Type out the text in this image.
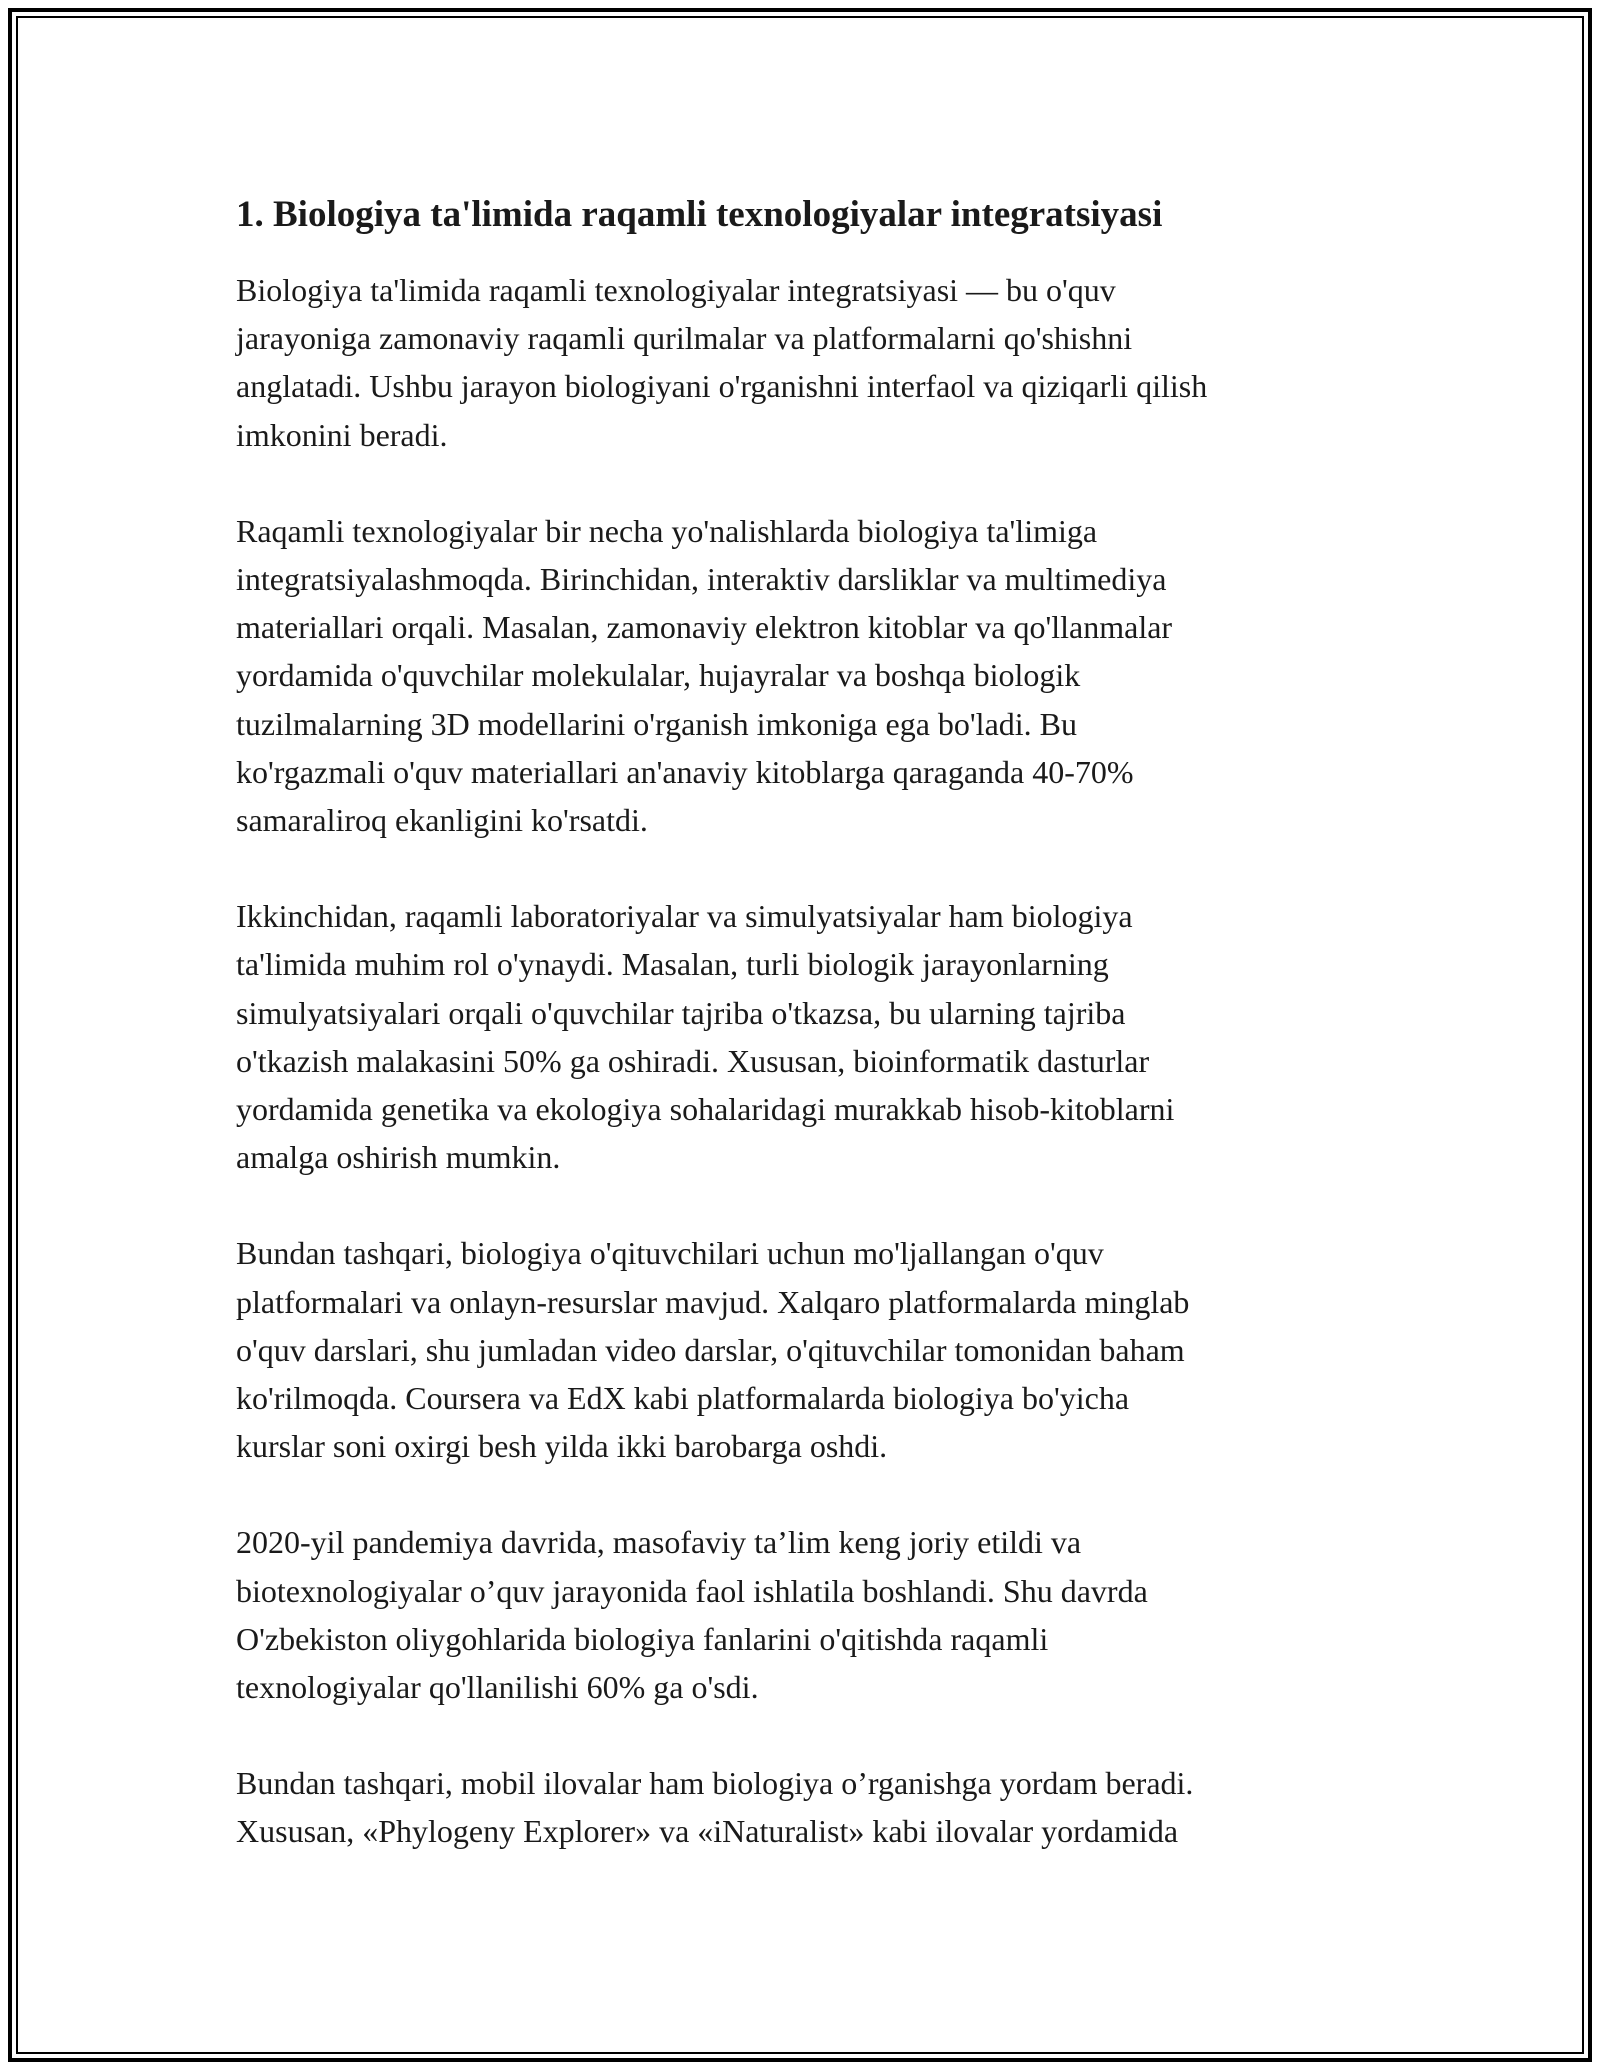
1. Biologiya ta'limida raqamli texnologiyalar integratsiyasi

Biologiya ta'limida raqamli texnologiyalar integratsiyasi — bu o'quv
jarayoniga zamonaviy raqamli qurilmalar va platformalarni qo'shishni
anglatadi. Ushbu jarayon biologiyani o'rganishni interfaol va qiziqarli qilish
imkonini beradi.

Raqamli texnologiyalar bir necha yo'nalishlarda biologiya ta'limiga
integratsiyalashmoqda. Birinchidan, interaktiv darsliklar va multimediya
materiallari orqali. Masalan, zamonaviy elektron kitoblar va qo'llanmalar
yordamida o'quvchilar molekulalar, hujayralar va boshqa biologik
tuzilmalarning 3D modellarini o'rganish imkoniga ega bo'ladi. Bu
ko'rgazmali o'quv materiallari an'anaviy kitoblarga qaraganda 40-70%
samaraliroq ekanligini ko'rsatdi.

Ikkinchidan, raqamli laboratoriyalar va simulyatsiyalar ham biologiya
ta'limida muhim rol o'ynaydi. Masalan, turli biologik jarayonlarning
simulyatsiyalari orqali o'quvchilar tajriba o'tkazsa, bu ularning tajriba
o'tkazish malakasini 50% ga oshiradi. Xususan, bioinformatik dasturlar
yordamida genetika va ekologiya sohalaridagi murakkab hisob-kitoblarni
amalga oshirish mumkin.

Bundan tashqari, biologiya o'qituvchilari uchun mo'ljallangan o'quv
platformalari va onlayn-resurslar mavjud. Xalqaro platformalarda minglab
o'quv darslari, shu jumladan video darslar, o'qituvchilar tomonidan baham
ko'rilmoqda. Coursera va EdX kabi platformalarda biologiya bo'yicha
kurslar soni oxirgi besh yilda ikki barobarga oshdi.

2020-yil pandemiya davrida, masofaviy ta’lim keng joriy etildi va
biotexnologiyalar o’quv jarayonida faol ishlatila boshlandi. Shu davrda
O'zbekiston oliygohlarida biologiya fanlarini o'qitishda raqamli
texnologiyalar qo'llanilishi 60% ga o'sdi.

Bundan tashqari, mobil ilovalar ham biologiya o’rganishga yordam beradi.
Xususan, «Phylogeny Explorer» va «iNaturalist» kabi ilovalar yordamida
